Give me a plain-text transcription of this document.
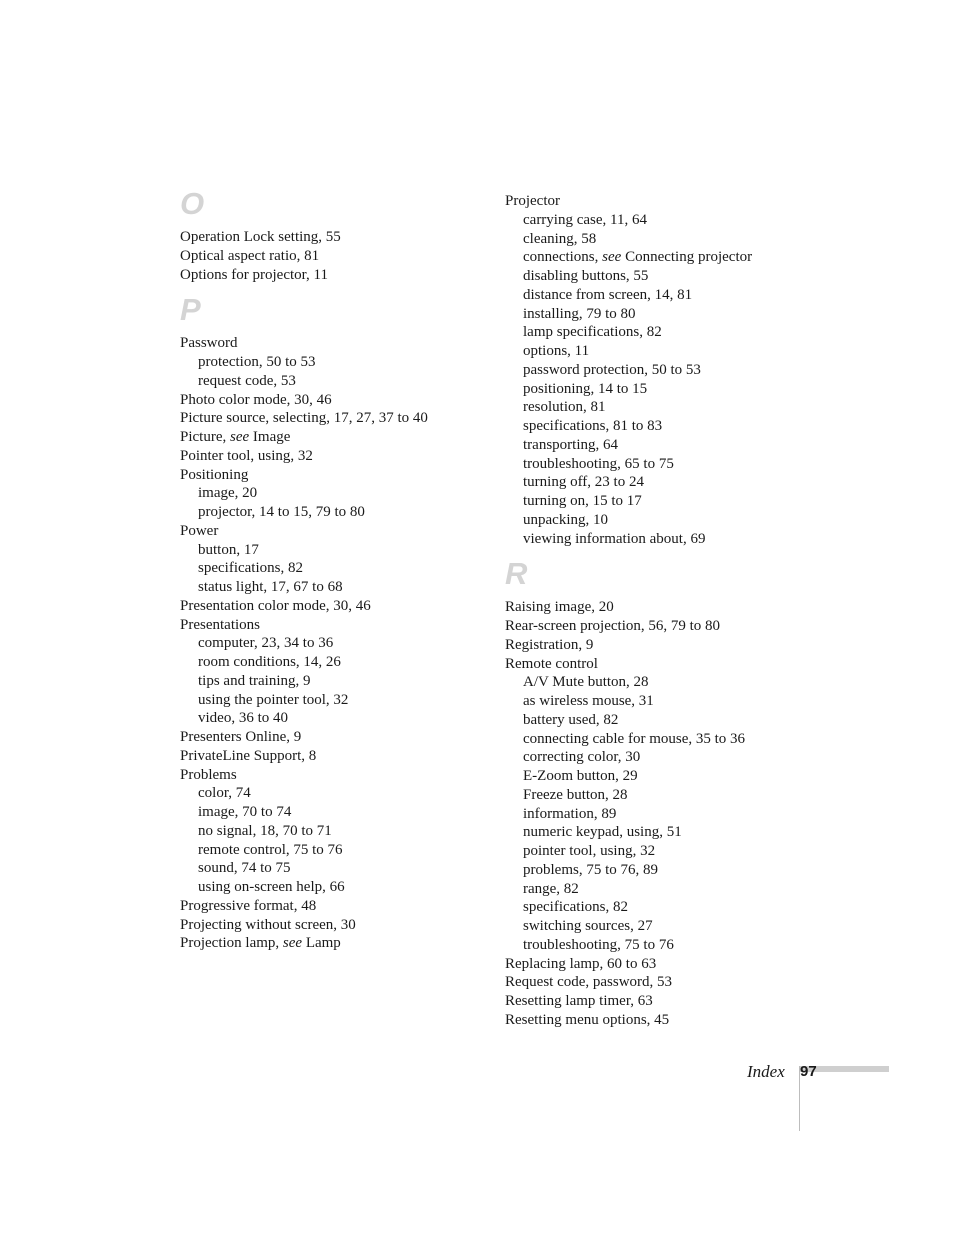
O
Operation Lock setting, 55
Optical aspect ratio, 81
Options for projector, 11
P
Password
protection, 50 to 53
request code, 53
Photo color mode, 30, 46
Picture source, selecting, 17, 27, 37 to 40
Picture, see Image
Pointer tool, using, 32
Positioning
image, 20
projector, 14 to 15, 79 to 80
Power
button, 17
specifications, 82
status light, 17, 67 to 68
Presentation color mode, 30, 46
Presentations
computer, 23, 34 to 36
room conditions, 14, 26
tips and training, 9
using the pointer tool, 32
video, 36 to 40
Presenters Online, 9
PrivateLine Support, 8
Problems
color, 74
image, 70 to 74
no signal, 18, 70 to 71
remote control, 75 to 76
sound, 74 to 75
using on-screen help, 66
Progressive format, 48
Projecting without screen, 30
Projection lamp, see Lamp
Projector
carrying case, 11, 64
cleaning, 58
connections, see Connecting projector
disabling buttons, 55
distance from screen, 14, 81
installing, 79 to 80
lamp specifications, 82
options, 11
password protection, 50 to 53
positioning, 14 to 15
resolution, 81
specifications, 81 to 83
transporting, 64
troubleshooting, 65 to 75
turning off, 23 to 24
turning on, 15 to 17
unpacking, 10
viewing information about, 69
R
Raising image, 20
Rear-screen projection, 56, 79 to 80
Registration, 9
Remote control
A/V Mute button, 28
as wireless mouse, 31
battery used, 82
connecting cable for mouse, 35 to 36
correcting color, 30
E-Zoom button, 29
Freeze button, 28
information, 89
numeric keypad, using, 51
pointer tool, using, 32
problems, 75 to 76, 89
range, 82
specifications, 82
switching sources, 27
troubleshooting, 75 to 76
Replacing lamp, 60 to 63
Request code, password, 53
Resetting lamp timer, 63
Resetting menu options, 45
Index 97
